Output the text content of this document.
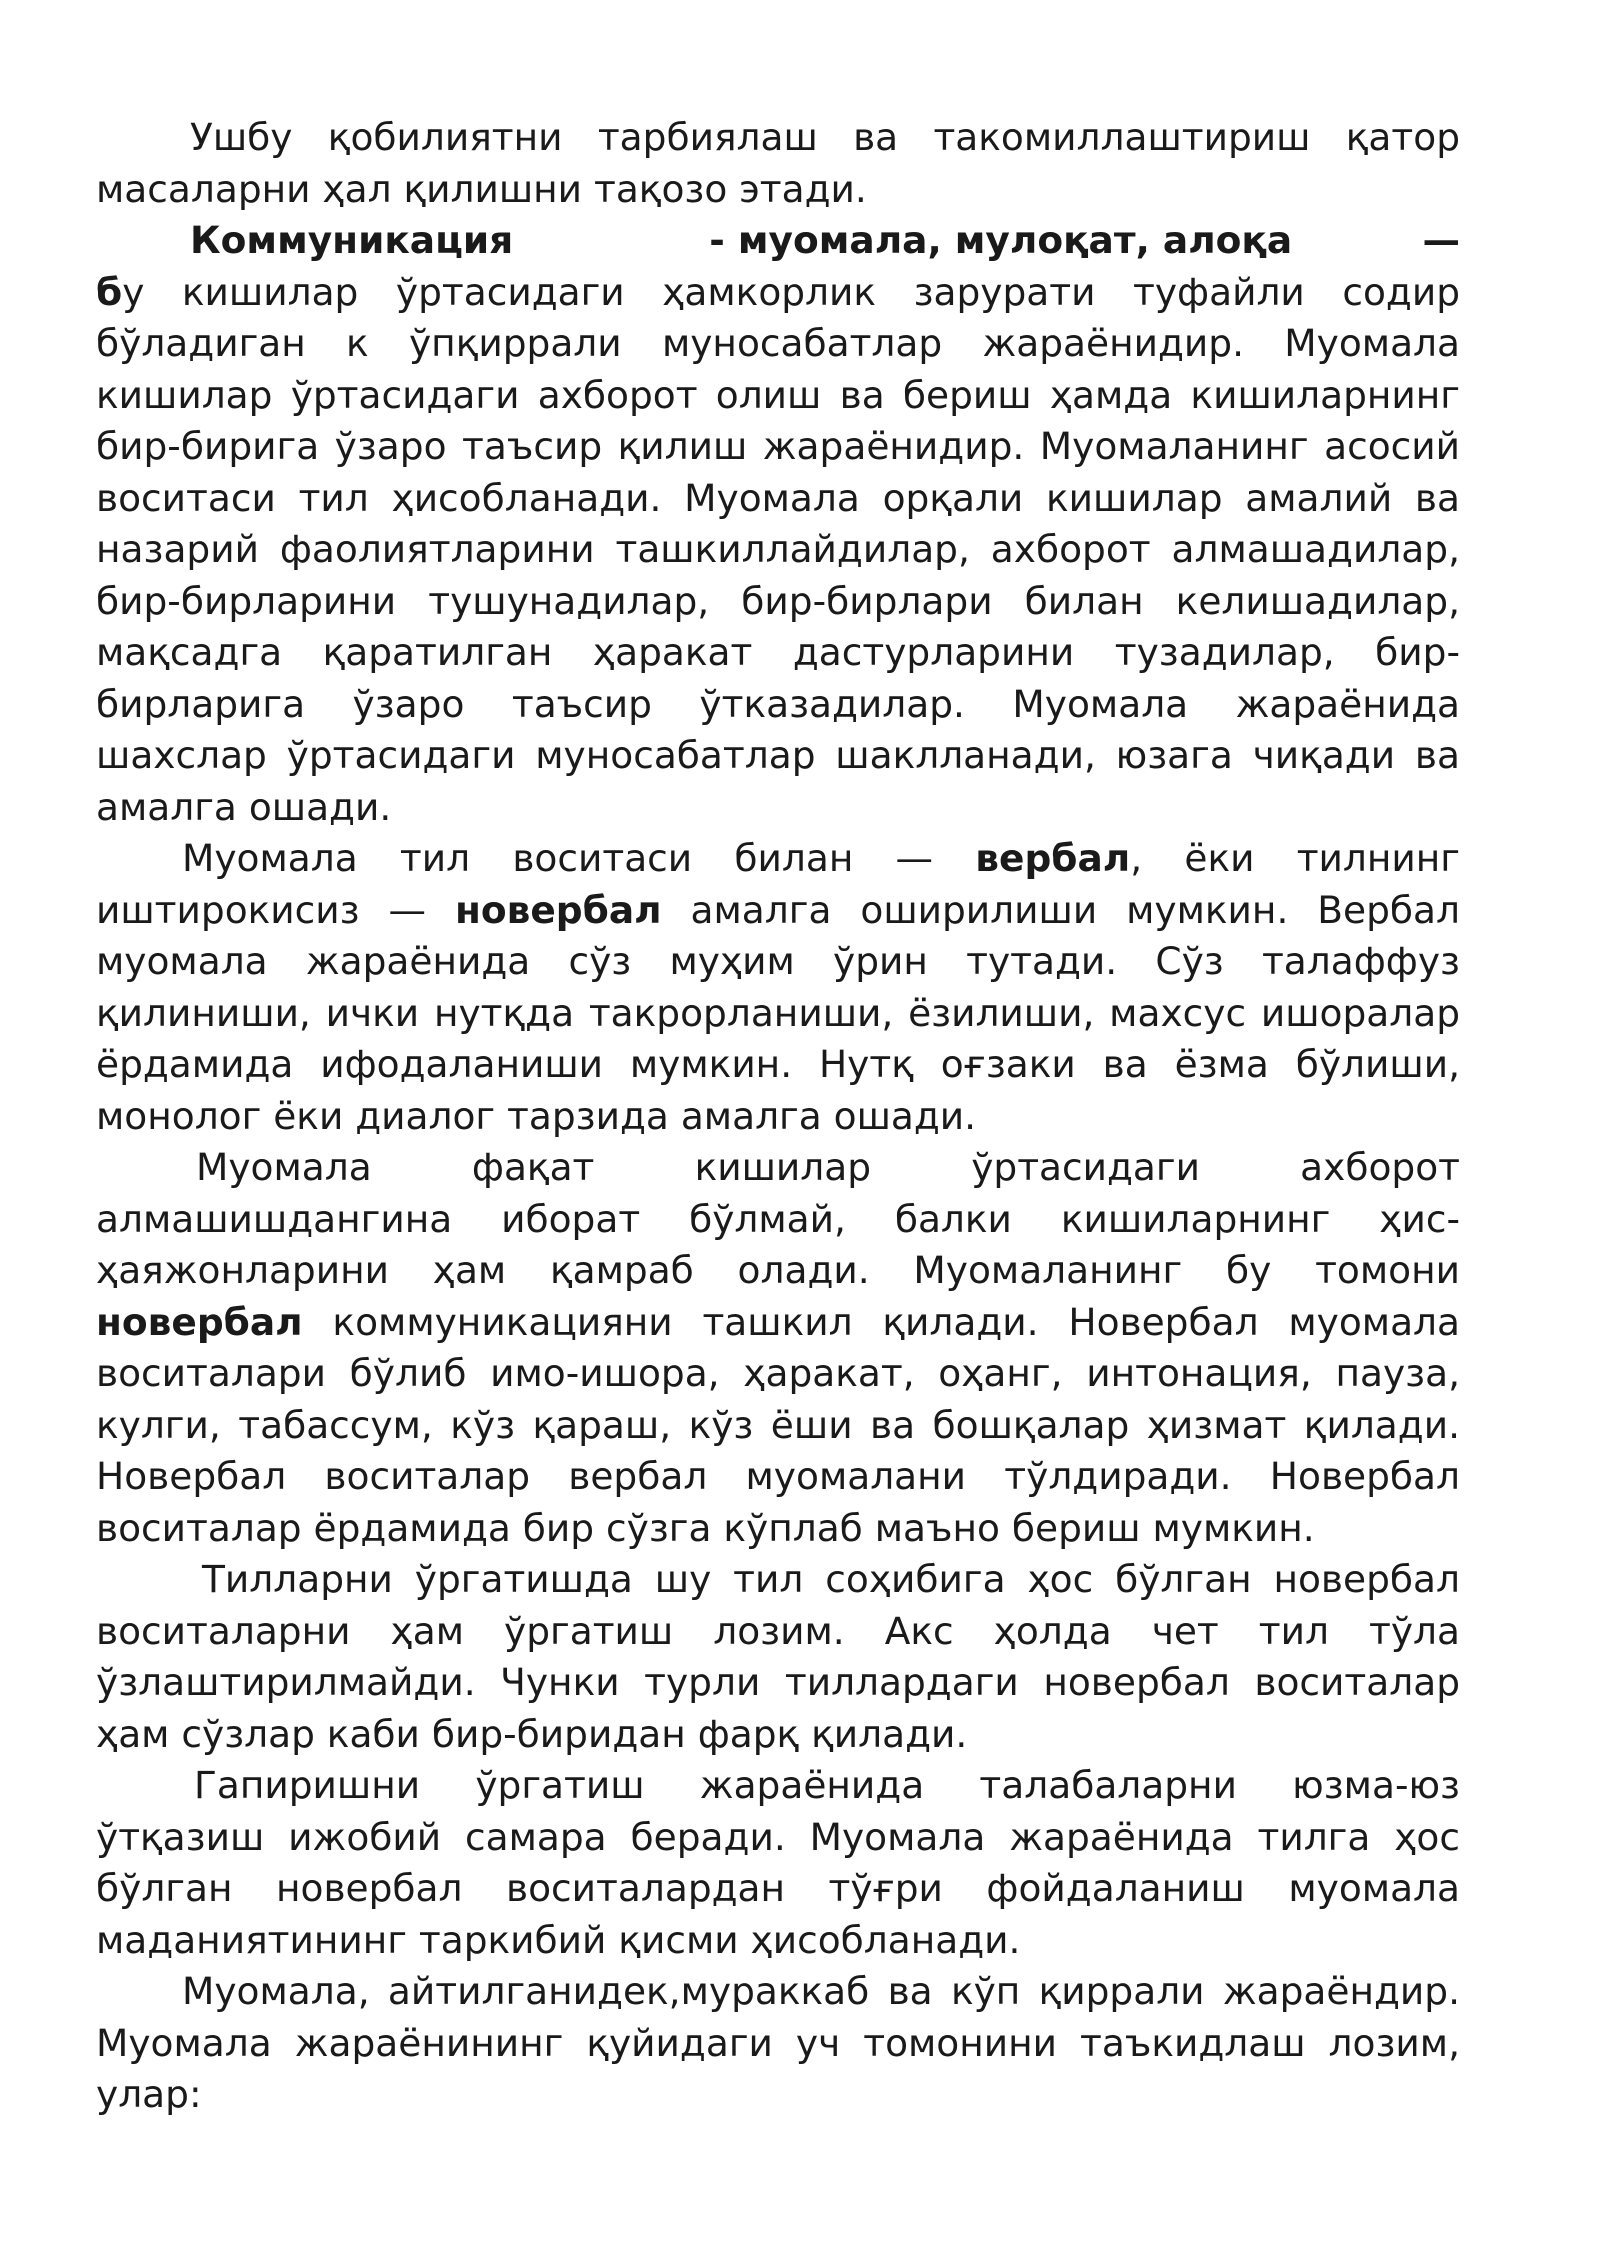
Ушбу қобилиятни тарбиялаш ва такомиллаштириш қатор масаларни ҳал қилишни тақозо этади.

Коммуникация	- муомала, мулоқат, алоқа	—

бу кишилар ўртасидаги ҳамкорлик зарурати туфайли содир бўладиган к ўпқиррали муносабатлар жараёнидир. Муомала кишилар ўртасидаги ахборот олиш ва бериш ҳамда кишиларнинг бир-бирига ўзаро таъсир қилиш жараёнидир. Муомаланинг асосий воситаси тил ҳисобланади. Муомала орқали кишилар амалий ва назарий фаолиятларини ташкиллайдилар, ахборот алмашадилар, бир-бирларини тушунадилар, бир-бирлари билан келишадилар, мақсадга қаратилган ҳаракат дастурларини тузадилар, бир-бирларига ўзаро таъсир ўтказадилар. Муомала жараёнида шахслар ўртасидаги муносабатлар шаклланади, юзага чиқади ва амалга ошади.

Муомала тил воситаси билан — вербал, ёки тилнинг иштирокисиз — новербал амалга оширилиши мумкин. Вербал муомала жараёнида сўз муҳим ўрин тутади. Сўз талаффуз қилиниши, ички нутқда такрорланиши, ёзилиши, махсус ишоралар ёрдамида ифодаланиши мумкин. Нутқ оғзаки ва ёзма бўлиши, монолог ёки диалог тарзида амалга ошади.

Муомала фақат кишилар ўртасидаги ахборот алмашишдангина иборат бўлмай, балки кишиларнинг ҳис-ҳаяжонларини ҳам қамраб олади. Муомаланинг бу томони новербал коммуникацияни ташкил қилади. Новербал муомала воситалари бўлиб имо-ишора, ҳаракат, оҳанг, интонация, пауза, кулги, табассум, кўз қараш, кўз ёши ва бошқалар ҳизмат қилади. Новербал воситалар вербал муомалани тўлдиради. Новербал воситалар ёрдамида бир сўзга кўплаб маъно бериш мумкин.

Тилларни ўргатишда шу тил соҳибига ҳос бўлган новербал воситаларни ҳам ўргатиш лозим. Акс ҳолда чет тил тўла ўзлаштирилмайди. Чунки турли тиллардаги новербал воситалар ҳам сўзлар каби бир-биридан фарқ қилади.

Гапиришни ўргатиш жараёнида талабаларни юзма-юз ўтқазиш ижобий самара беради. Муомала жараёнида тилга ҳос бўлган новербал воситалардан тўғри фойдаланиш муомала маданиятининг таркибий қисми ҳисобланади.

Муомала, айтилганидек,мураккаб ва кўп қиррали жараёндир. Муомала жараёнининг қуйидаги уч томонини таъкидлаш лозим, улар:
